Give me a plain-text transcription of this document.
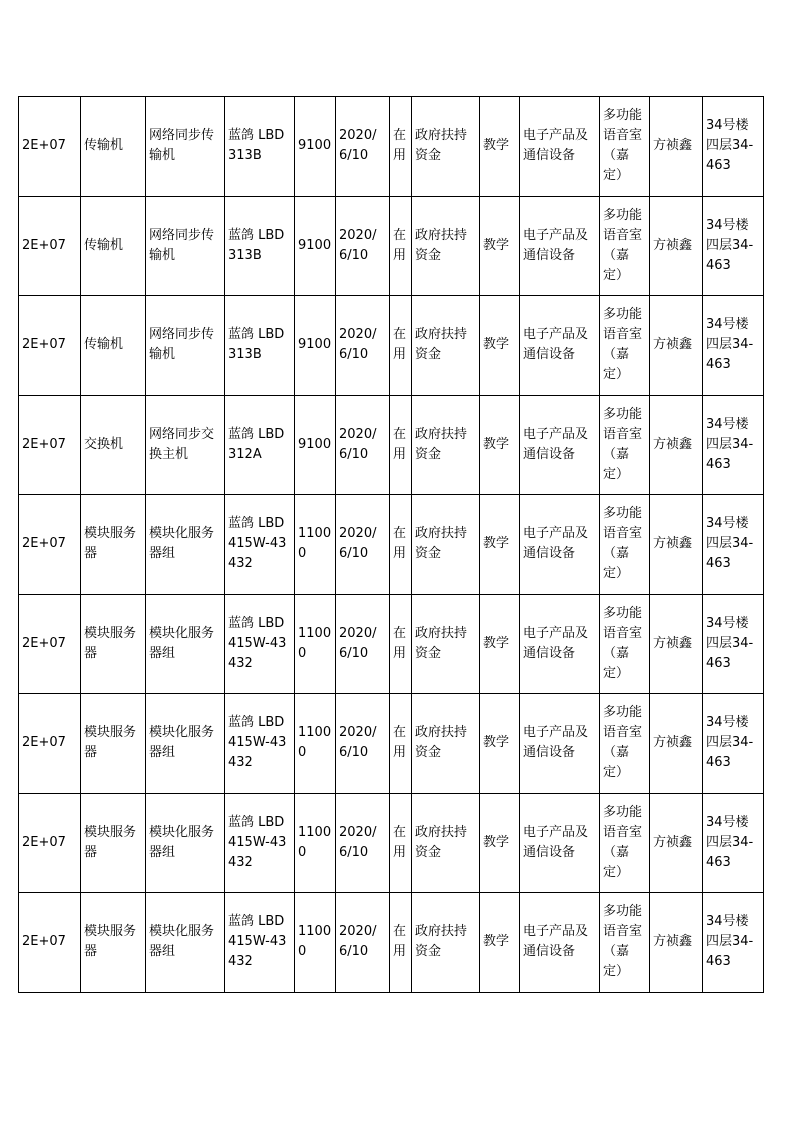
2E+07	传输机	网络同步传输机	蓝鸽 LBD313B	9100	2020/6/10	在用	政府扶持资金	教学	电子产品及通信设备	多功能语音室（嘉定）	方祯鑫	34号楼四层34-463
2E+07	传输机	网络同步传输机	蓝鸽 LBD313B	9100	2020/6/10	在用	政府扶持资金	教学	电子产品及通信设备	多功能语音室（嘉定）	方祯鑫	34号楼四层34-463
2E+07	传输机	网络同步传输机	蓝鸽 LBD313B	9100	2020/6/10	在用	政府扶持资金	教学	电子产品及通信设备	多功能语音室（嘉定）	方祯鑫	34号楼四层34-463
2E+07	交换机	网络同步交换主机	蓝鸽 LBD312A	9100	2020/6/10	在用	政府扶持资金	教学	电子产品及通信设备	多功能语音室（嘉定）	方祯鑫	34号楼四层34-463
2E+07	模块服务器	模块化服务器组	蓝鸽 LBD415W-43432	11000	2020/6/10	在用	政府扶持资金	教学	电子产品及通信设备	多功能语音室（嘉定）	方祯鑫	34号楼四层34-463
2E+07	模块服务器	模块化服务器组	蓝鸽 LBD415W-43432	11000	2020/6/10	在用	政府扶持资金	教学	电子产品及通信设备	多功能语音室（嘉定）	方祯鑫	34号楼四层34-463
2E+07	模块服务器	模块化服务器组	蓝鸽 LBD415W-43432	11000	2020/6/10	在用	政府扶持资金	教学	电子产品及通信设备	多功能语音室（嘉定）	方祯鑫	34号楼四层34-463
2E+07	模块服务器	模块化服务器组	蓝鸽 LBD415W-43432	11000	2020/6/10	在用	政府扶持资金	教学	电子产品及通信设备	多功能语音室（嘉定）	方祯鑫	34号楼四层34-463
2E+07	模块服务器	模块化服务器组	蓝鸽 LBD415W-43432	11000	2020/6/10	在用	政府扶持资金	教学	电子产品及通信设备	多功能语音室（嘉定）	方祯鑫	34号楼四层34-463
